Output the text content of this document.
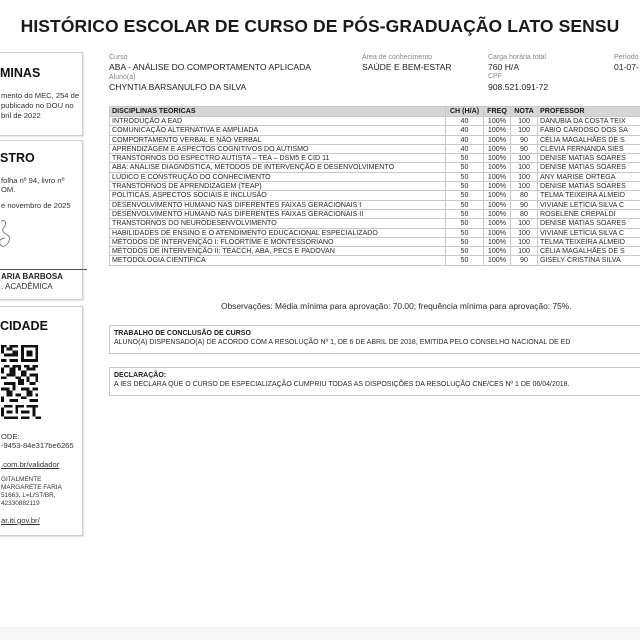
HISTÓRICO ESCOLAR DE CURSO DE PÓS-GRADUAÇÃO LATO SENSU
MINAS
mento do MEC, 254 de
publicado no DOU no
bril de 2022
STRO
folha nº 94, livro nº
OM.
e novembro de 2025
ARIA BARBOSA
. ACADÊMICA
CIDADE
ODE:
-9453-84e317be6265
.com.br/validador
GITALMENTE
MARGARETE FARIA
51663, L=L/ST/BR,
42330882119
ar.iti.gov.br/
Curso
ABA - ANÁLISE DO COMPORTAMENTO APLICADA
Aluno(a)
CHYNTIA BARSANULFO DA SILVA
Área de conhecimento
SAÚDE E BEM-ESTAR
Carga horária total
760 H/A
CPF
908.521.091-72
Período
01-07-
DISCIPLINAS TEÓRICAS	CH (H/A)	FREQ	NOTA	PROFESSOR
INTRODUÇÃO A EAD	40	100%	100	DANUBIA DA COSTA TEIX
COMUNICAÇÃO ALTERNATIVA E AMPLIADA	40	100%	100	FÁBIO CARDOSO DOS SA
COMPORTAMENTO VERBAL E NÃO VERBAL	40	100%	90	CÉLIA MAGALHÃES DE S
APRENDIZAGEM E ASPECTOS COGNITIVOS DO AUTISMO	40	100%	90	CLÉVIA FERNANDA SIES
TRANSTORNOS DO ESPECTRO AUTISTA – TEA – DSM5 E CID 11	50	100%	100	DENISE MATIAS SOARES
ABA: ANÁLISE DIAGNÓSTICA, MÉTODOS DE INTERVENÇÃO E DESENVOLVIMENTO	50	100%	100	DENISE MATIAS SOARES
LÚDICO E CONSTRUÇÃO DO CONHECIMENTO	50	100%	100	ANY MARISE ORTEGA
TRANSTORNOS DE APRENDIZAGEM (TEAP)	50	100%	100	DENISE MATIAS SOARES
POLÍTICAS, ASPECTOS SOCIAIS E INCLUSÃO	50	100%	80	TELMA TEIXEIRA ALMEID
DESENVOLVIMENTO HUMANO NAS DIFERENTES FAIXAS GERACIONAIS I	50	100%	90	VIVIANE LETÍCIA SILVA C
DESENVOLVIMENTO HUMANO NAS DIFERENTES FAIXAS GERACIONAIS II	50	100%	80	ROSELENE CREPALDI
TRANSTORNOS DO NEURODESENVOLVIMENTO	50	100%	100	DENISE MATIAS SOARES
HABILIDADES DE ENSINO E O ATENDIMENTO EDUCACIONAL ESPECIALIZADO	50	100%	100	VIVIANE LETÍCIA SILVA C
MÉTODOS DE INTERVENÇÃO I: FLOORTIME E MONTESSORIANO	50	100%	100	TELMA TEIXEIRA ALMEID
MÉTODOS DE INTERVENÇÃO II: TEACCH, ABA, PECS E PADOVAN	50	100%	100	CÉLIA MAGALHÃES DE S
METODOLOGIA CIENTÍFICA	50	100%	90	GISELY CRISTINA SILVA
Observações: Média mínima para aprovação: 70.00; frequência mínima para aprovação: 75%.
TRABALHO DE CONCLUSÃO DE CURSO
ALUNO(A) DISPENSADO(A) DE ACORDO COM A RESOLUÇÃO Nº 1, DE 6 DE ABRIL DE 2018, EMITIDA PELO CONSELHO NACIONAL DE ED
DECLARAÇÃO:
A IES DECLARA QUE O CURSO DE ESPECIALIZAÇÃO CUMPRIU TODAS AS DISPOSIÇÕES DA RESOLUÇÃO CNE/CES Nº 1 DE 06/04/2018.
